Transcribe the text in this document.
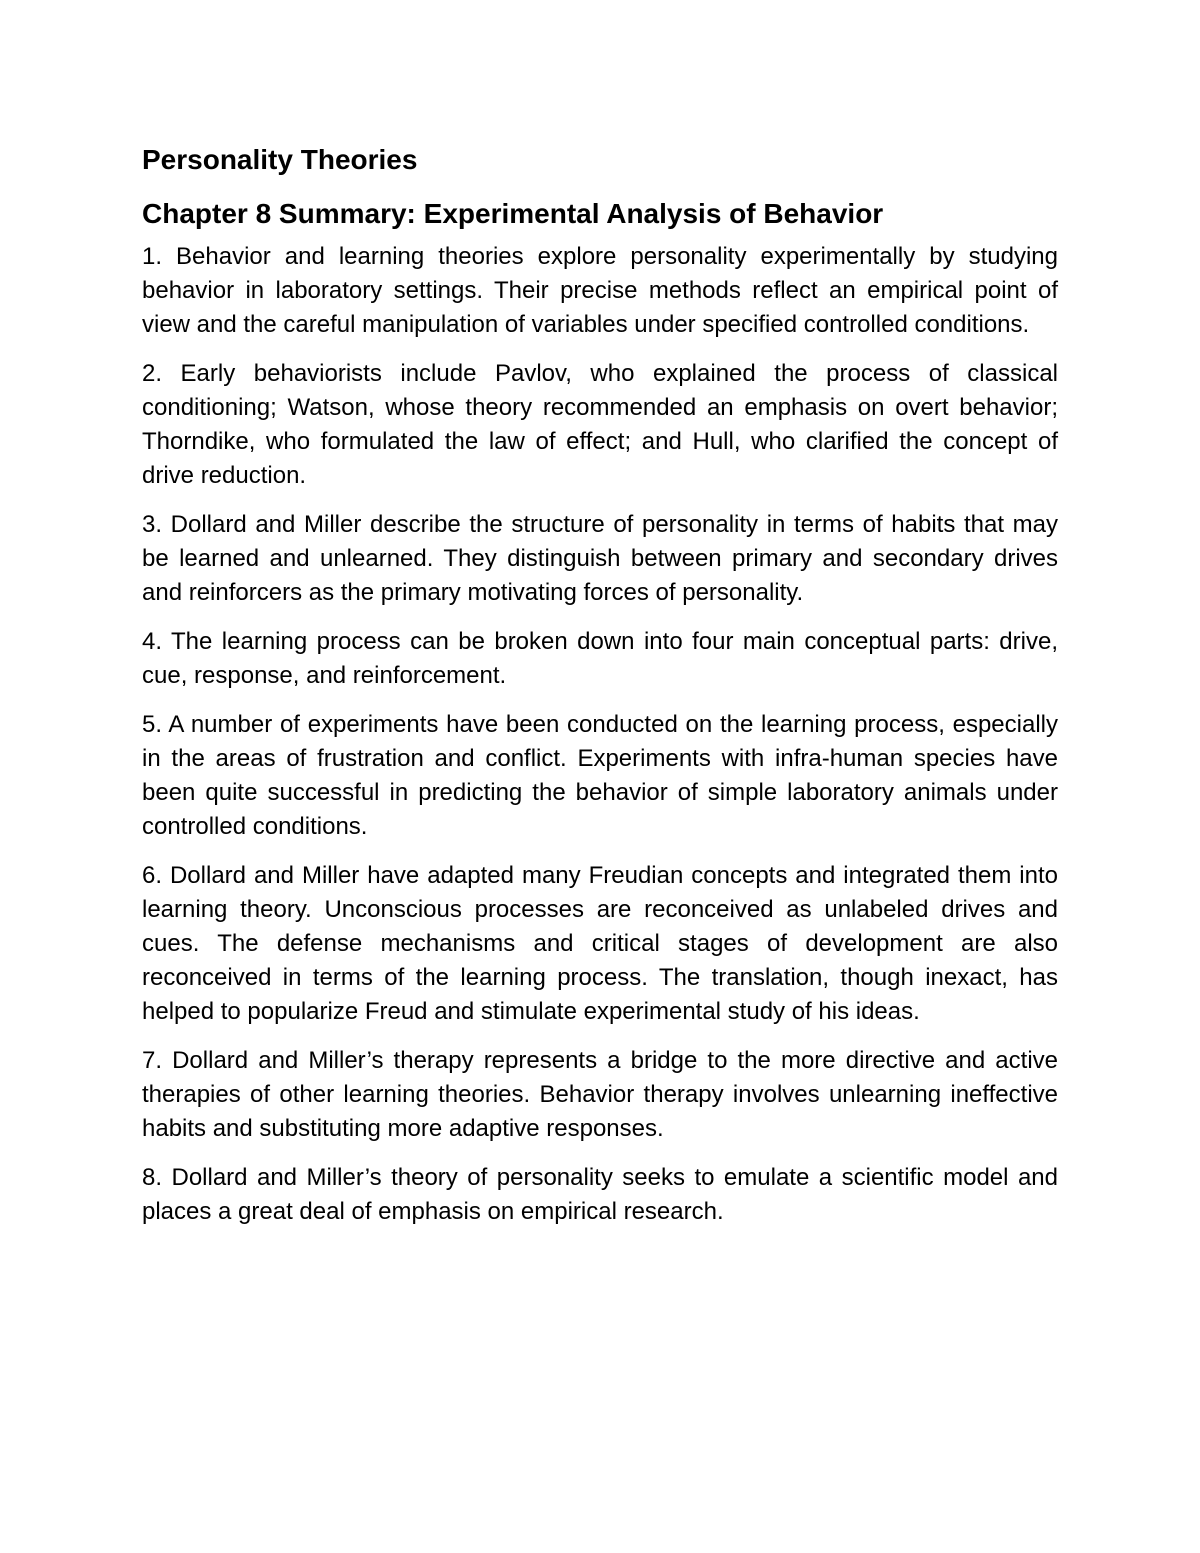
Personality Theories
Chapter 8 Summary: Experimental Analysis of Behavior

1. Behavior and learning theories explore personality experimentally by studying behavior in laboratory settings. Their precise methods reflect an empirical point of view and the careful manipulation of variables under specified controlled conditions.

2. Early behaviorists include Pavlov, who explained the process of classical conditioning; Watson, whose theory recommended an emphasis on overt behavior; Thorndike, who formulated the law of effect; and Hull, who clarified the concept of drive reduction.

3. Dollard and Miller describe the structure of personality in terms of habits that may be learned and unlearned. They distinguish between primary and secondary drives and reinforcers as the primary motivating forces of personality.

4. The learning process can be broken down into four main conceptual parts: drive, cue, response, and reinforcement.

5. A number of experiments have been conducted on the learning process, especially in the areas of frustration and conflict. Experiments with infra-human species have been quite successful in predicting the behavior of simple laboratory animals under controlled conditions.

6. Dollard and Miller have adapted many Freudian concepts and integrated them into learning theory. Unconscious processes are reconceived as unlabeled drives and cues. The defense mechanisms and critical stages of development are also reconceived in terms of the learning process. The translation, though inexact, has helped to popularize Freud and stimulate experimental study of his ideas.

7. Dollard and Miller’s therapy represents a bridge to the more directive and active therapies of other learning theories. Behavior therapy involves unlearning ineffective habits and substituting more adaptive responses.

8. Dollard and Miller’s theory of personality seeks to emulate a scientific model and places a great deal of emphasis on empirical research.
